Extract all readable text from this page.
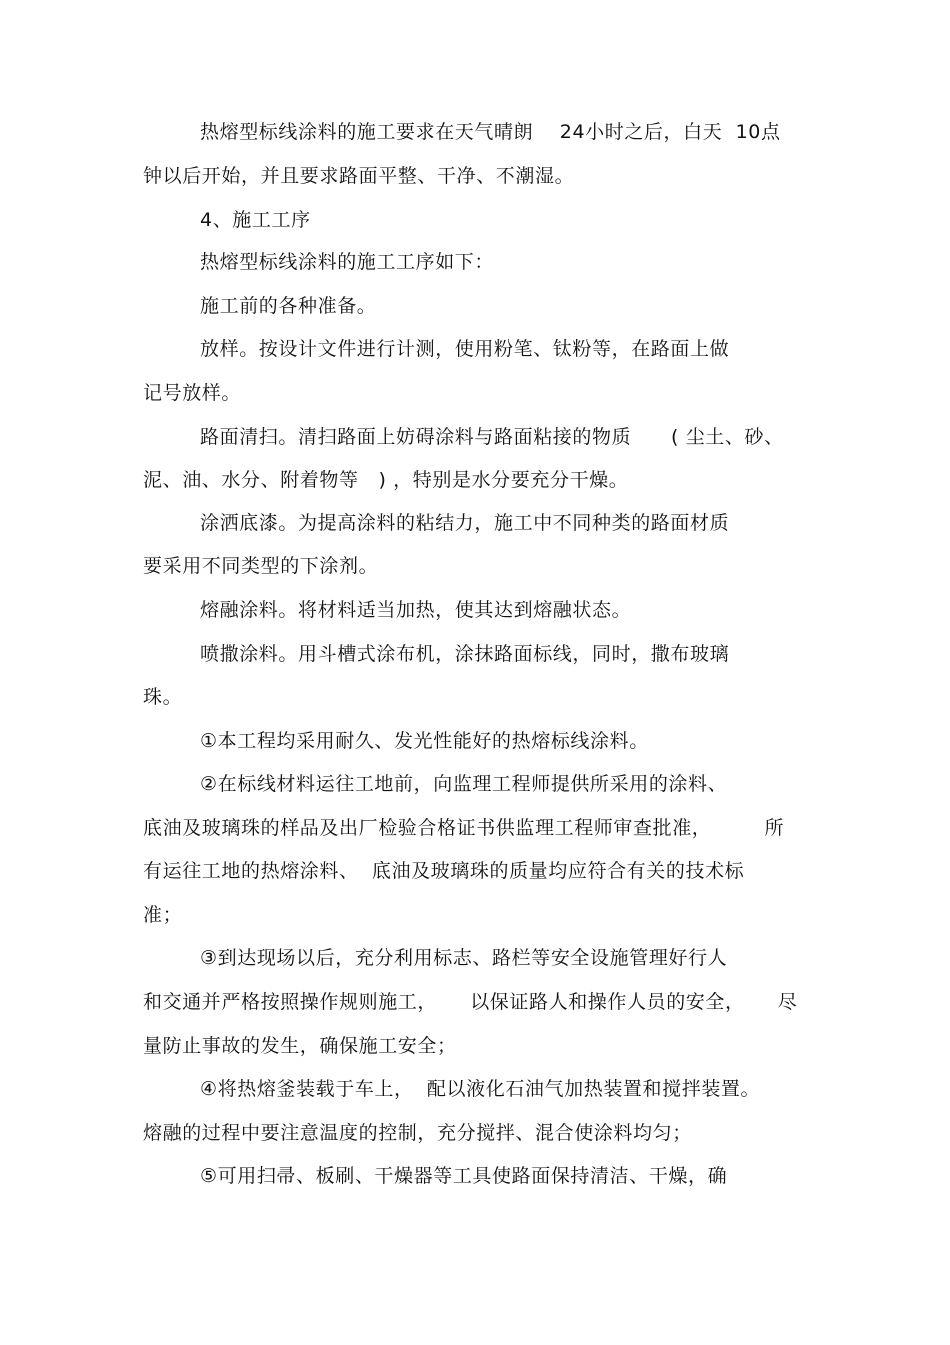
热熔型标线涂料的施工要求在天气晴朗    24小时之后，白天  10点
钟以后开始，并且要求路面平整、干净、不潮湿。
4、施工工序
热熔型标线涂料的施工工序如下：
施工前的各种准备。
放样。按设计文件进行计测，使用粉笔、钛粉等，在路面上做
记号放样。
路面清扫。清扫路面上妨碍涂料与路面粘接的物质      ( 尘土、砂、
泥、油、水分、附着物等   ) ，特别是水分要充分干燥。
涂洒底漆。为提高涂料的粘结力，施工中不同种类的路面材质
要采用不同类型的下涂剂。
熔融涂料。将材料适当加热，使其达到熔融状态。
喷撒涂料。用斗槽式涂布机，涂抹路面标线，同时，撒布玻璃
珠。
①本工程均采用耐久、发光性能好的热熔标线涂料。
②在标线材料运往工地前，向监理工程师提供所采用的涂料、
底油及玻璃珠的样品及出厂检验合格证书供监理工程师审查批准，        所
有运往工地的热熔涂料、  底油及玻璃珠的质量均应符合有关的技术标
准；
③到达现场以后，充分利用标志、路栏等安全设施管理好行人
和交通并严格按照操作规则施工，     以保证路人和操作人员的安全，     尽
量防止事故的发生，确保施工安全；
④将热熔釜装载于车上，  配以液化石油气加热装置和搅拌装置。
熔融的过程中要注意温度的控制，充分搅拌、混合使涂料均匀；
⑤可用扫帚、板刷、干燥器等工具使路面保持清洁、干燥，确
